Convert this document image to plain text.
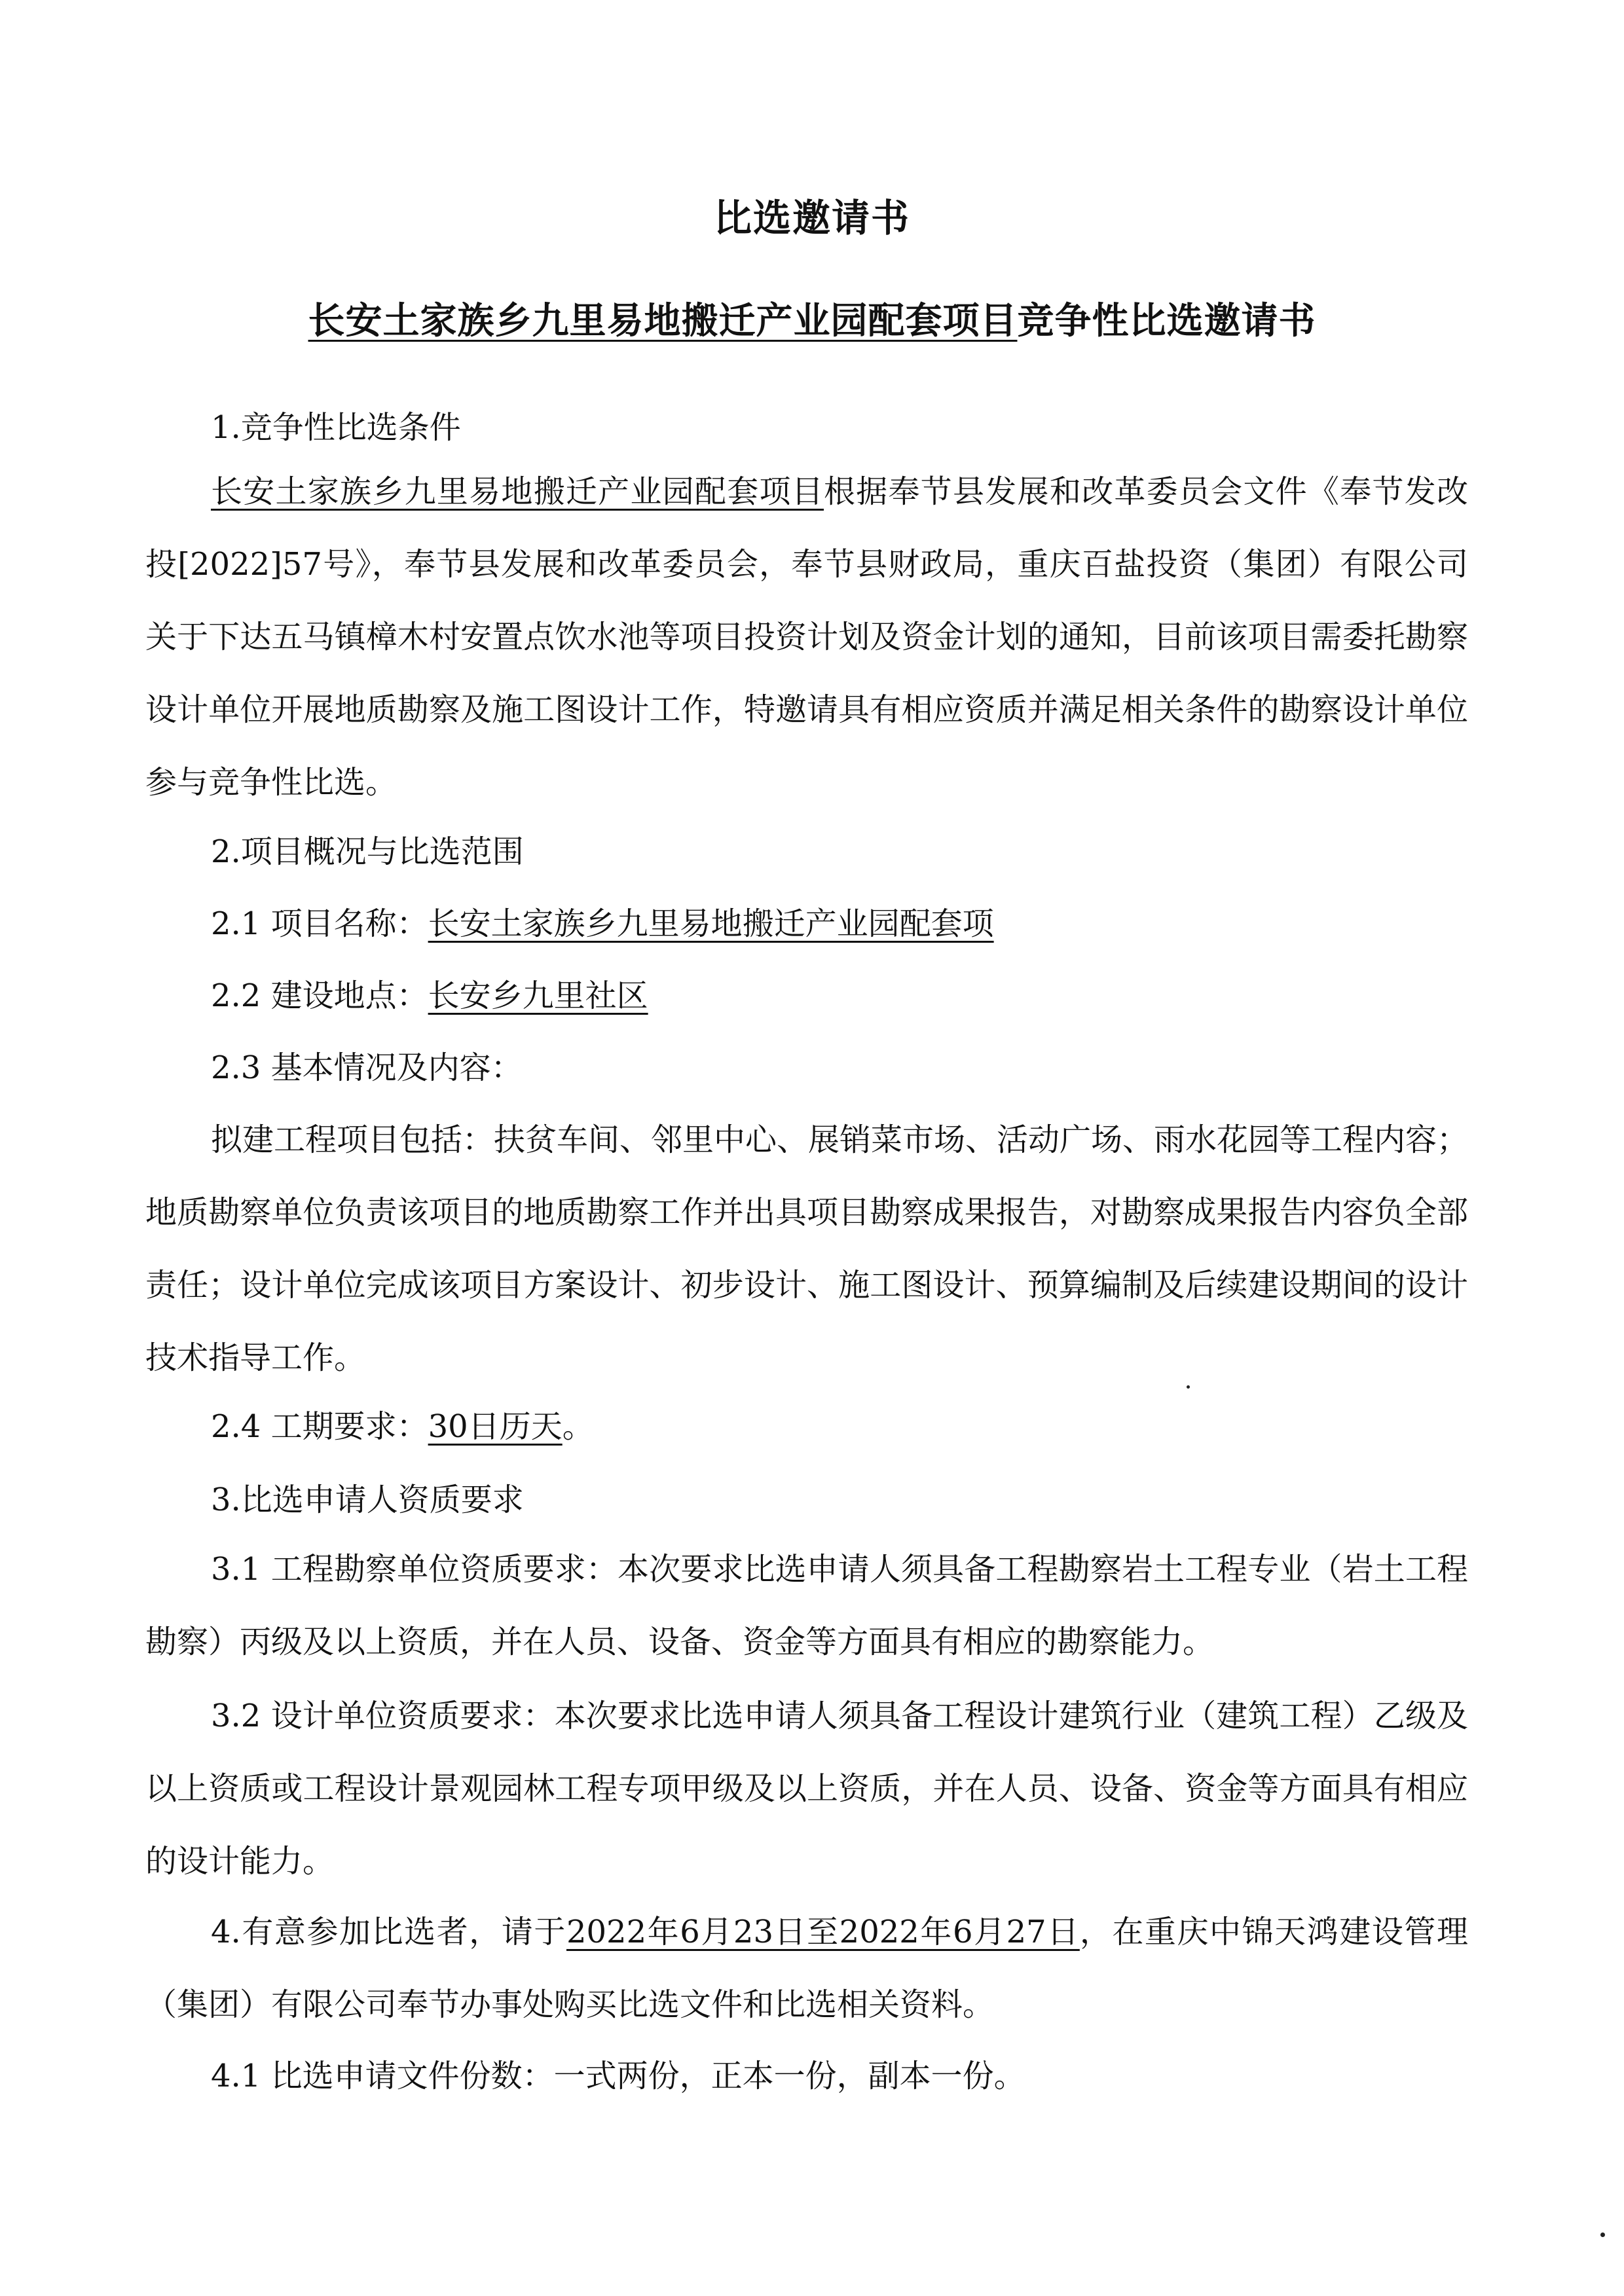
比选邀请书
长安土家族乡九里易地搬迁产业园配套项目竞争性比选邀请书
1.竞争性比选条件
长安土家族乡九里易地搬迁产业园配套项目根据奉节县发展和改革委员会文件《奉节发改投[2022]57号》，奉节县发展和改革委员会，奉节县财政局，重庆百盐投资（集团）有限公司关于下达五马镇樟木村安置点饮水池等项目投资计划及资金计划的通知，目前该项目需委托勘察设计单位开展地质勘察及施工图设计工作，特邀请具有相应资质并满足相关条件的勘察设计单位参与竞争性比选。
2.项目概况与比选范围
2.1 项目名称：长安土家族乡九里易地搬迁产业园配套项
2.2 建设地点：长安乡九里社区
2.3 基本情况及内容：
拟建工程项目包括：扶贫车间、邻里中心、展销菜市场、活动广场、雨水花园等工程内容；地质勘察单位负责该项目的地质勘察工作并出具项目勘察成果报告，对勘察成果报告内容负全部责任；设计单位完成该项目方案设计、初步设计、施工图设计、预算编制及后续建设期间的设计技术指导工作。
2.4 工期要求：30日历天。
3.比选申请人资质要求
3.1 工程勘察单位资质要求：本次要求比选申请人须具备工程勘察岩土工程专业（岩土工程勘察）丙级及以上资质，并在人员、设备、资金等方面具有相应的勘察能力。
3.2 设计单位资质要求：本次要求比选申请人须具备工程设计建筑行业（建筑工程）乙级及以上资质或工程设计景观园林工程专项甲级及以上资质，并在人员、设备、资金等方面具有相应的设计能力。
4.有意参加比选者，请于2022年6月23日至2022年6月27日，在重庆中锦天鸿建设管理（集团）有限公司奉节办事处购买比选文件和比选相关资料。
4.1 比选申请文件份数：一式两份，正本一份，副本一份。
